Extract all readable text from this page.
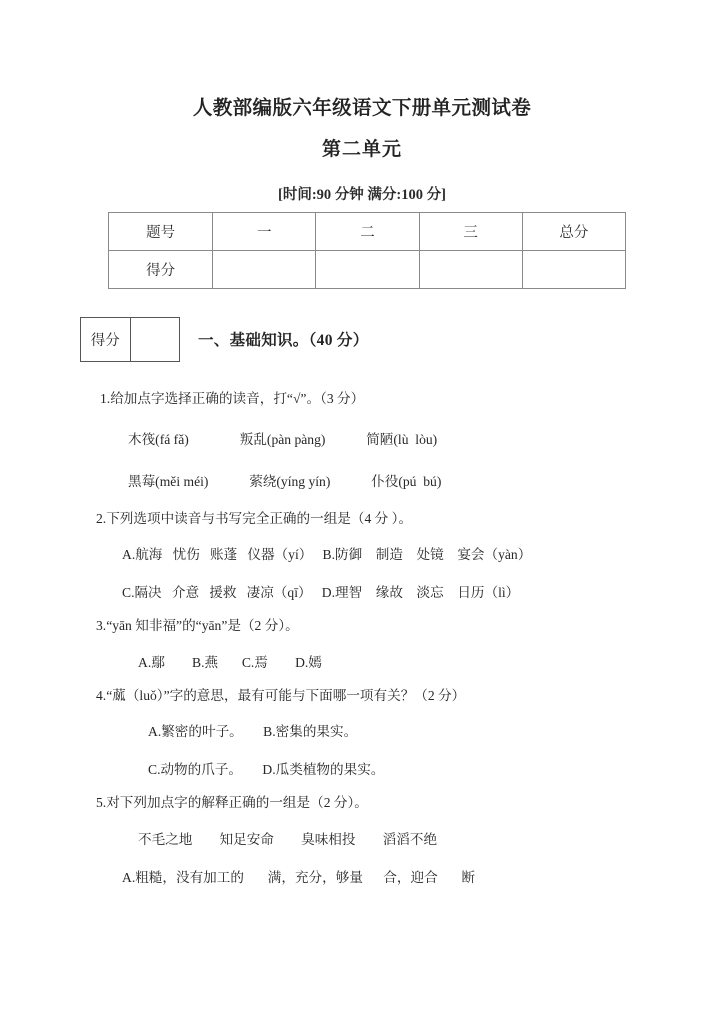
人教部编版六年级语文下册单元测试卷
第二单元
[时间:90 分钟 满分:100 分]
题号	一	二	三	总分
得分				
得分	一、基础知识。（40 分）
1.给加点字选择正确的读音，打“√”。（3 分）
木筏(fá fǎ)               叛乱(pàn pàng)            简陋(lù  lòu)
黑莓(měi méi)            萦绕(yíng yín)            仆役(pú  bú)
2.下列选项中读音与书写完全正确的一组是（4 分 ）。
A.航海   忧伤   账蓬   仪器（yí）   B.防御    制造    处镜    宴会（yàn）
C.隔决   介意   援救   凄凉（qī）   D.理智    缘故    淡忘    日历（lì）
3.“yān 知非福”的“yān”是（2 分）。
A.鄢        B.燕       C.焉        D.嫣
4.“蓏（luǒ）”字的意思，最有可能与下面哪一项有关？（2 分）
A.繁密的叶子。      B.密集的果实。
C.动物的爪子。      D.瓜类植物的果实。
5.对下列加点字的解释正确的一组是（2 分）。
不毛之地        知足安命        臭味相投        滔滔不绝
A.粗糙，没有加工的       满，充分，够量      合，迎合       断
